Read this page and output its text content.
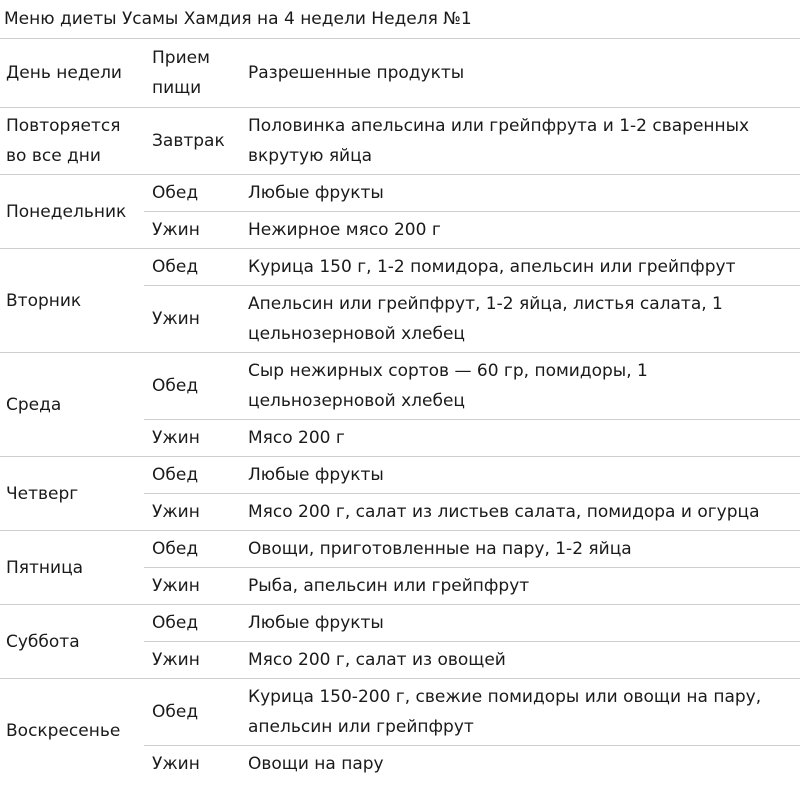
Меню диеты Усамы Хамдия на 4 недели Неделя №1
День недели	Прием пищи	Разрешенные продукты
Повторяется во все дни	Завтрак	Половинка апельсина или грейпфрута и 1-2 сваренных вкрутую яйца
Понедельник	Обед	Любые фрукты
	Ужин	Нежирное мясо 200 г
Вторник	Обед	Курица 150 г, 1-2 помидора, апельсин или грейпфрут
	Ужин	Апельсин или грейпфрут, 1-2 яйца, листья салата, 1 цельнозерновой хлебец
Среда	Обед	Сыр нежирных сортов — 60 гр, помидоры, 1 цельнозерновой хлебец
	Ужин	Мясо 200 г
Четверг	Обед	Любые фрукты
	Ужин	Мясо 200 г, салат из листьев салата, помидора и огурца
Пятница	Обед	Овощи, приготовленные на пару, 1-2 яйца
	Ужин	Рыба, апельсин или грейпфрут
Суббота	Обед	Любые фрукты
	Ужин	Мясо 200 г, салат из овощей
Воскресенье	Обед	Курица 150-200 г, свежие помидоры или овощи на пару, апельсин или грейпфрут
	Ужин	Овощи на пару
